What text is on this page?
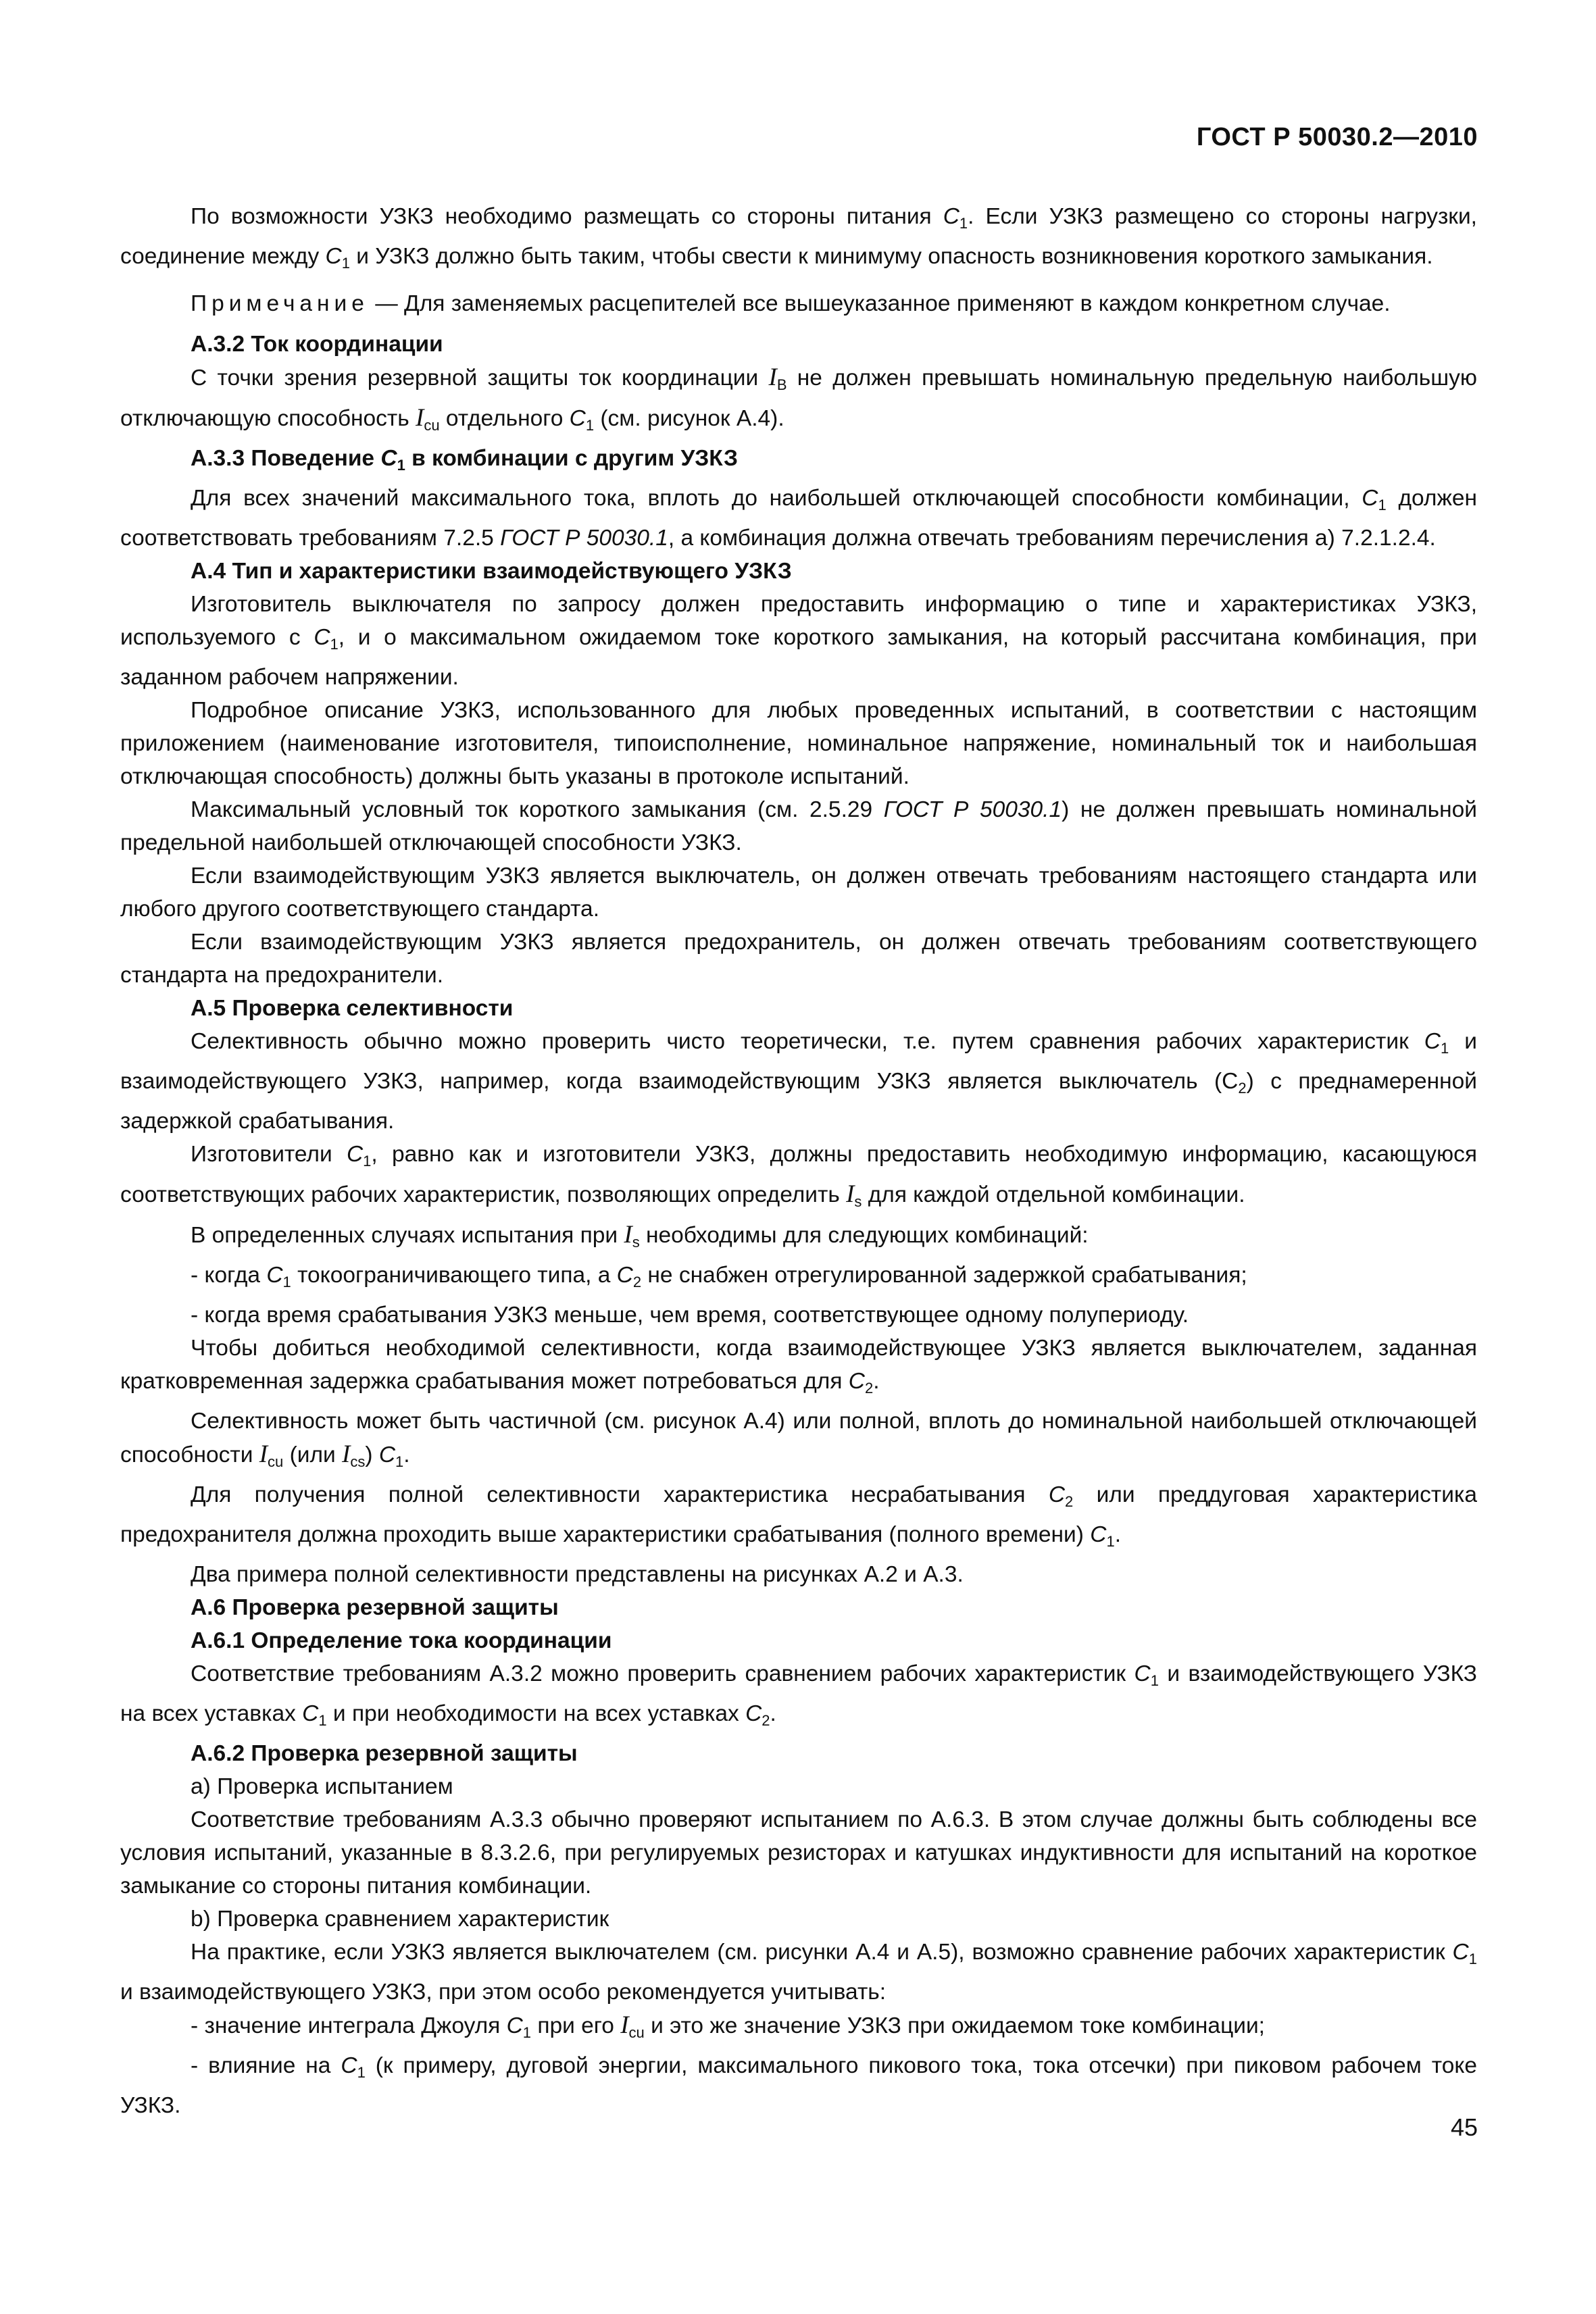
ГОСТ Р 50030.2—2010

По возможности УЗКЗ необходимо размещать со стороны питания $C_1$. Если УЗКЗ размещено со стороны нагрузки, соединение между $C_1$ и УЗКЗ должно быть таким, чтобы свести к минимуму опасность возникновения короткого замыкания.

Примечание — Для заменяемых расцепителей все вышеуказанное применяют в каждом конкретном случае.

А.3.2 Ток координации

С точки зрения резервной защиты ток координации $I_B$ не должен превышать номинальную предельную наибольшую отключающую способность $I_{cu}$ отдельного $C_1$ (см. рисунок А.4).

А.3.3 Поведение $C_1$ в комбинации с другим УЗКЗ

Для всех значений максимального тока, вплоть до наибольшей отключающей способности комбинации, $C_1$ должен соответствовать требованиям 7.2.5 ГОСТ Р 50030.1, а комбинация должна отвечать требованиям перечисления а) 7.2.1.2.4.

А.4 Тип и характеристики взаимодействующего УЗКЗ

Изготовитель выключателя по запросу должен предоставить информацию о типе и характеристиках УЗКЗ, используемого с $C_1$, и о максимальном ожидаемом токе короткого замыкания, на который рассчитана комбинация, при заданном рабочем напряжении.

Подробное описание УЗКЗ, использованного для любых проведенных испытаний, в соответствии с настоящим приложением (наименование изготовителя, типоисполнение, номинальное напряжение, номинальный ток и наибольшая отключающая способность) должны быть указаны в протоколе испытаний.

Максимальный условный ток короткого замыкания (см. 2.5.29 ГОСТ Р 50030.1) не должен превышать номинальной предельной наибольшей отключающей способности УЗКЗ.

Если взаимодействующим УЗКЗ является выключатель, он должен отвечать требованиям настоящего стандарта или любого другого соответствующего стандарта.

Если взаимодействующим УЗКЗ является предохранитель, он должен отвечать требованиям соответствующего стандарта на предохранители.

А.5 Проверка селективности

Селективность обычно можно проверить чисто теоретически, т.е. путем сравнения рабочих характеристик $C_1$ и взаимодействующего УЗКЗ, например, когда взаимодействующим УЗКЗ является выключатель $(С_2)$ с преднамеренной задержкой срабатывания.

Изготовители $C_1$, равно как и изготовители УЗКЗ, должны предоставить необходимую информацию, касающуюся соответствующих рабочих характеристик, позволяющих определить $I_s$ для каждой отдельной комбинации.

В определенных случаях испытания при $I_s$ необходимы для следующих комбинаций:

- когда $C_1$ токоограничивающего типа, а $C_2$ не снабжен отрегулированной задержкой срабатывания;

- когда время срабатывания УЗКЗ меньше, чем время, соответствующее одному полупериоду.

Чтобы добиться необходимой селективности, когда взаимодействующее УЗКЗ является выключателем, заданная кратковременная задержка срабатывания может потребоваться для $C_2$.

Селективность может быть частичной (см. рисунок А.4) или полной, вплоть до номинальной наибольшей отключающей способности $I_{cu}$ (или $I_{cs}$) $C_1$.

Для получения полной селективности характеристика несрабатывания $C_2$ или преддуговая характеристика предохранителя должна проходить выше характеристики срабатывания (полного времени) $C_1$.

Два примера полной селективности представлены на рисунках А.2 и А.3.

А.6 Проверка резервной защиты
А.6.1 Определение тока координации

Соответствие требованиям А.3.2 можно проверить сравнением рабочих характеристик $C_1$ и взаимодействующего УЗКЗ на всех уставках $C_1$ и при необходимости на всех уставках $C_2$.

А.6.2 Проверка резервной защиты

а) Проверка испытанием

Соответствие требованиям А.3.3 обычно проверяют испытанием по А.6.3. В этом случае должны быть соблюдены все условия испытаний, указанные в 8.3.2.6, при регулируемых резисторах и катушках индуктивности для испытаний на короткое замыкание со стороны питания комбинации.

b) Проверка сравнением характеристик

На практике, если УЗКЗ является выключателем (см. рисунки А.4 и А.5), возможно сравнение рабочих характеристик $C_1$ и взаимодействующего УЗКЗ, при этом особо рекомендуется учитывать:

- значение интеграла Джоуля $C_1$ при его $I_{cu}$ и это же значение УЗКЗ при ожидаемом токе комбинации;

- влияние на $C_1$ (к примеру, дуговой энергии, максимального пикового тока, тока отсечки) при пиковом рабочем токе УЗКЗ.

45
